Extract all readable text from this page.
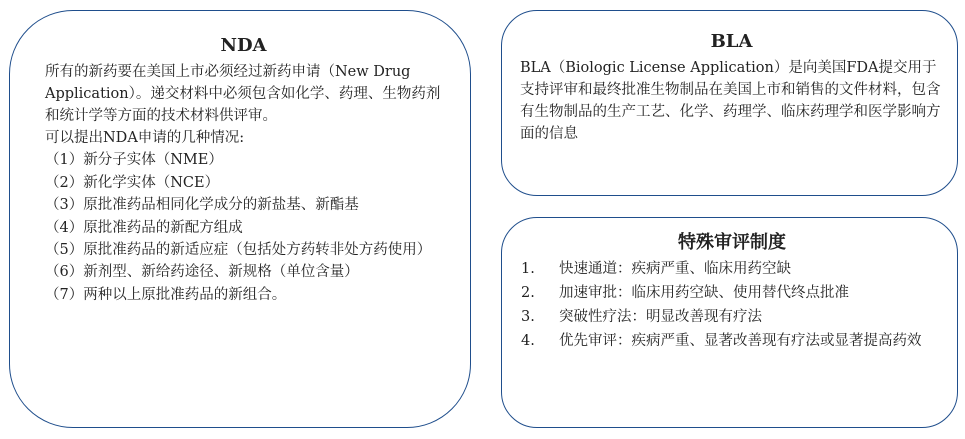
NDA

所有的新药要在美国上市必须经过新药申请（New Drug Application）。递交材料中必须包含如化学、药理、生物药剂和统计学等方面的技术材料供评审。

可以提出NDA申请的几种情况:

（1）新分子实体（NME）

（2）新化学实体（NCE）

（3）原批准药品相同化学成分的新盐基、新酯基

（4）原批准药品的新配方组成

（5）原批准药品的新适应症（包括处方药转非处方药使用）

（6）新剂型、新给药途径、新规格（单位含量）

（7）两种以上原批准药品的新组合。

BLA

BLA（Biologic License Application）是向美国FDA提交用于支持评审和最终批准生物制品在美国上市和销售的文件材料，包含有生物制品的生产工艺、化学、药理学、临床药理学和医学影响方面的信息

特殊审评制度
1. 快速通道：疾病严重、临床用药空缺
2. 加速审批：临床用药空缺、使用替代终点批准
3. 突破性疗法：明显改善现有疗法
4. 优先审评：疾病严重、显著改善现有疗法或显著提高药效
